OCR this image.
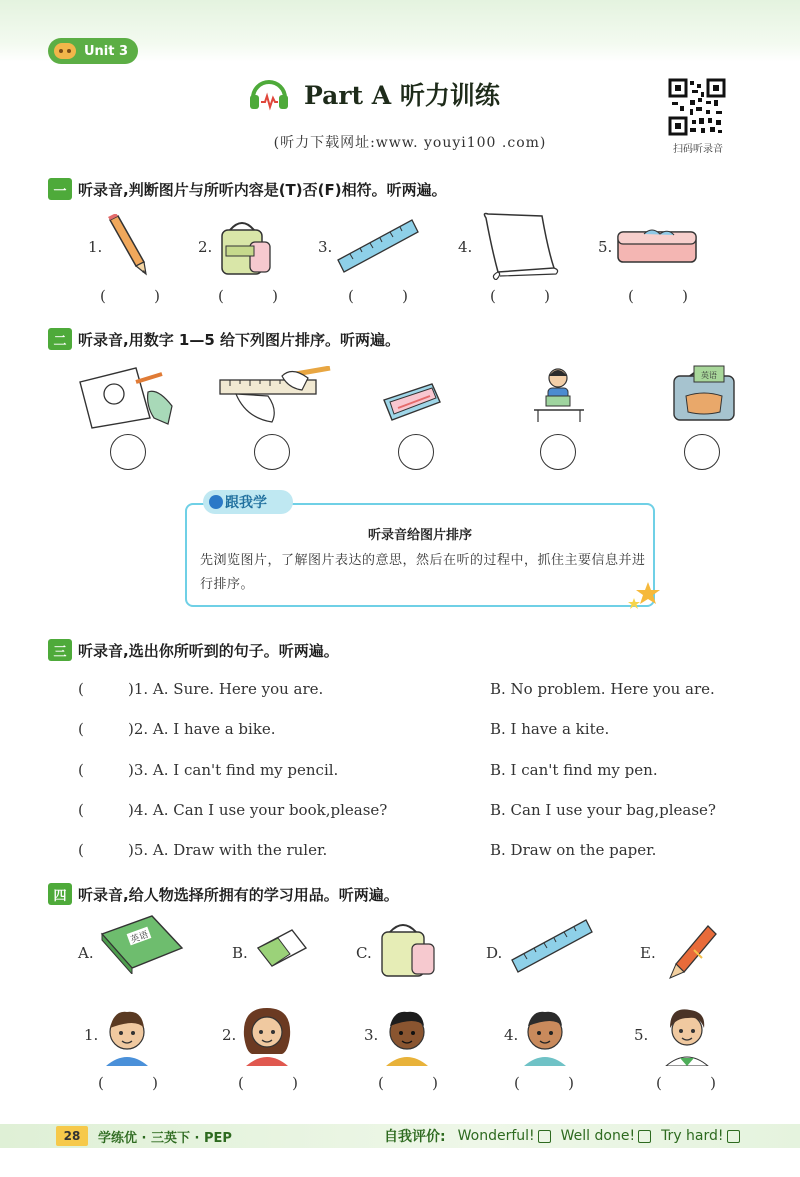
Unit 3
Part A 听力训练
(听力下载网址:www. youyi100 .com)	扫码听录音
一 听录音,判断图片与所听内容是(T)否(F)相符。听两遍。
1.	2.	3.	4.	5.
(	)	(	)	(	)	(	)	(	)
二 听录音,用数字 1—5 给下列图片排序。听两遍。
英语
跟我学
听录音给图片排序
先浏览图片，了解图片表达的意思，然后在听的过程中，抓住主要信息并进行排序。
三 听录音,选出你所听到的句子。听两遍。
(	)1. A. Sure. Here you are.	B. No problem. Here you are.
(	)2. A. I have a bike.	B. I have a kite.
(	)3. A. I can't find my pencil.	B. I can't find my pen.
(	)4. A. Can I use your book,please?	B. Can I use your bag,please?
(	)5. A. Draw with the ruler.	B. Draw on the paper.
四 听录音,给人物选择所拥有的学习用品。听两遍。
A.
英语
B.	C.	D.	E.
1.	2.	3.	4.	5.
(	)	(	)	(	)	(	)	(	)
28	学练优 · 三英下 · PEP	自我评价: Wonderful!	Well done!	Try hard!
